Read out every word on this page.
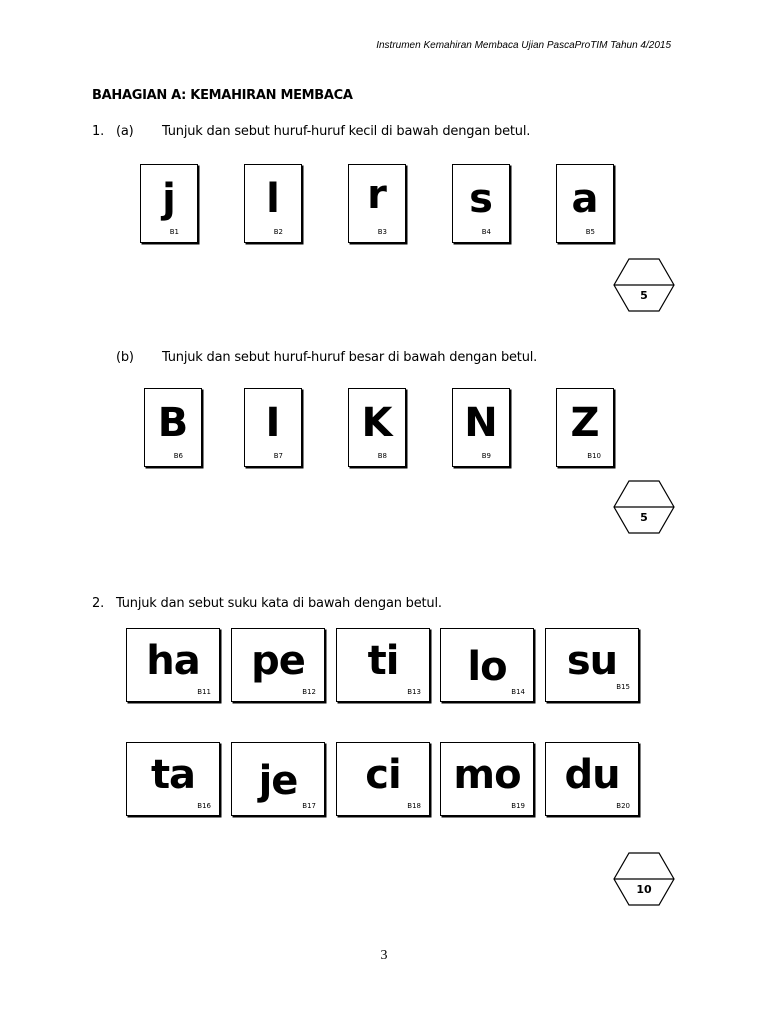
Instrumen Kemahiran Membaca Ujian PascaProTIM Tahun 4/2015
BAHAGIAN A: KEMAHIRAN MEMBACA
1. (a) Tunjuk dan sebut huruf-huruf kecil di bawah dengan betul.
j
B1
l
B2
r
B3
s
B4
a
B5
5
(b) Tunjuk dan sebut huruf-huruf besar di bawah dengan betul.
B
B6
I
B7
K
B8
N
B9
Z
B10
5
2. Tunjuk dan sebut suku kata di bawah dengan betul.
ha
B11
pe
B12
ti
B13
lo
B14
su
B15
ta
B16
je
B17
ci
B18
mo
B19
du
B20
10
3
